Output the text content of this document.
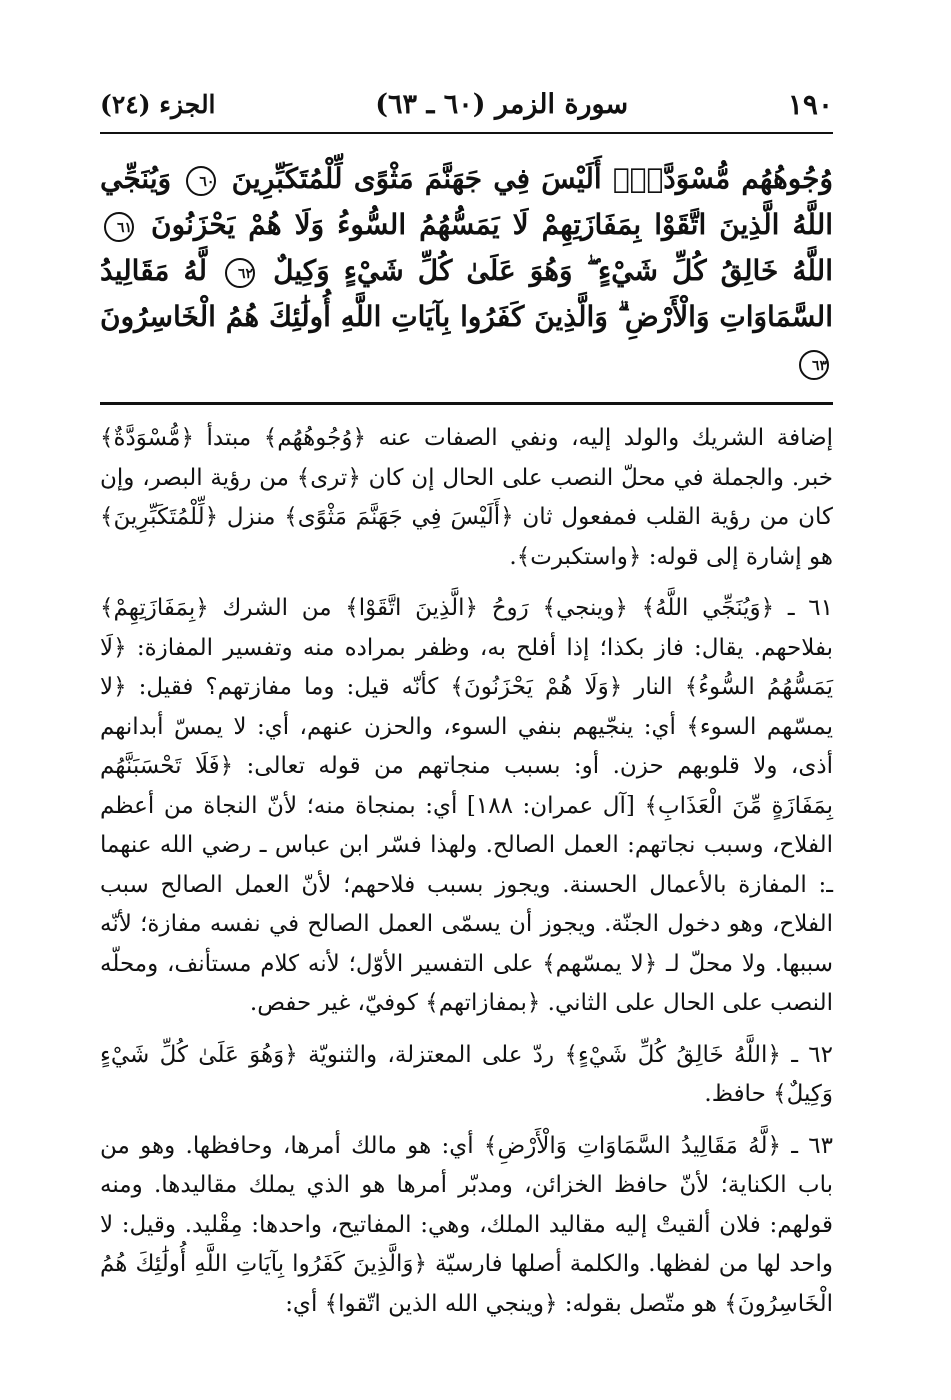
١٩٠
سورة الزمر (٦٠ ـ ٦٣)
الجزء (٢٤)
وُجُوهُهُم مُّسْوَدَّةٌۚ أَلَيْسَ فِي جَهَنَّمَ مَثْوًى لِّلْمُتَكَبِّرِينَ ٦٠ وَيُنَجِّي اللَّهُ الَّذِينَ اتَّقَوْا بِمَفَازَتِهِمْ لَا يَمَسُّهُمُ السُّوءُ وَلَا هُمْ يَحْزَنُونَ ٦١ اللَّهُ خَالِقُ كُلِّ شَيْءٍ ۖ وَهُوَ عَلَىٰ كُلِّ شَيْءٍ وَكِيلٌ ٦٢ لَّهُ مَقَالِيدُ السَّمَاوَاتِ وَالْأَرْضِ ۗ وَالَّذِينَ كَفَرُوا بِآيَاتِ اللَّهِ أُولَٰئِكَ هُمُ الْخَاسِرُونَ ٦٣

إضافة الشريك والولد إليه، ونفي الصفات عنه ﴿وُجُوهُهُم﴾ مبتدأ ﴿مُّسْوَدَّةٌ﴾ خبر. والجملة في محلّ النصب على الحال إن كان ﴿ترى﴾ من رؤية البصر، وإن كان من رؤية القلب فمفعول ثان ﴿أَلَيْسَ فِي جَهَنَّمَ مَثْوًى﴾ منزل ﴿لِّلْمُتَكَبِّرِينَ﴾ هو إشارة إلى قوله: ﴿واستكبرت﴾.

٦١ ـ ﴿وَيُنَجِّي اللَّهُ﴾ ﴿وينجي﴾ رَوحُ ﴿الَّذِينَ اتَّقَوْا﴾ من الشرك ﴿بِمَفَازَتِهِمْ﴾ بفلاحهم. يقال: فاز بكذا؛ إذا أفلح به، وظفر بمراده منه وتفسير المفازة: ﴿لَا يَمَسُّهُمُ السُّوءُ﴾ النار ﴿وَلَا هُمْ يَحْزَنُونَ﴾ كأنّه قيل: وما مفازتهم؟ فقيل: ﴿لا يمسّهم السوء﴾ أي: ينجّيهم بنفي السوء، والحزن عنهم، أي: لا يمسّ أبدانهم أذى، ولا قلوبهم حزن. أو: بسبب منجاتهم من قوله تعالى: ﴿فَلَا تَحْسَبَنَّهُم بِمَفَازَةٍ مِّنَ الْعَذَابِ﴾ [آل عمران: ١٨٨] أي: بمنجاة منه؛ لأنّ النجاة من أعظم الفلاح، وسبب نجاتهم: العمل الصالح. ولهذا فسّر ابن عباس ـ رضي الله عنهما ـ: المفازة بالأعمال الحسنة. ويجوز بسبب فلاحهم؛ لأنّ العمل الصالح سبب الفلاح، وهو دخول الجنّة. ويجوز أن يسمّى العمل الصالح في نفسه مفازة؛ لأنّه سببها. ولا محلّ لـ ﴿لا يمسّهم﴾ على التفسير الأوّل؛ لأنه كلام مستأنف، ومحلّه النصب على الحال على الثاني. ﴿بمفازاتهم﴾ كوفيّ، غير حفص.

٦٢ ـ ﴿اللَّهُ خَالِقُ كُلِّ شَيْءٍ﴾ ردّ على المعتزلة، والثنويّة ﴿وَهُوَ عَلَىٰ كُلِّ شَيْءٍ وَكِيلٌ﴾ حافظ.

٦٣ ـ ﴿لَّهُ مَقَالِيدُ السَّمَاوَاتِ وَالْأَرْضِ﴾ أي: هو مالك أمرها، وحافظها. وهو من باب الكناية؛ لأنّ حافظ الخزائن، ومدبّر أمرها هو الذي يملك مقاليدها. ومنه قولهم: فلان ألقيتْ إليه مقاليد الملك، وهي: المفاتيح، واحدها: مِقْليد. وقيل: لا واحد لها من لفظها. والكلمة أصلها فارسيّة ﴿وَالَّذِينَ كَفَرُوا بِآيَاتِ اللَّهِ أُولَٰئِكَ هُمُ الْخَاسِرُونَ﴾ هو متّصل بقوله: ﴿وينجي الله الذين اتّقوا﴾ أي:
